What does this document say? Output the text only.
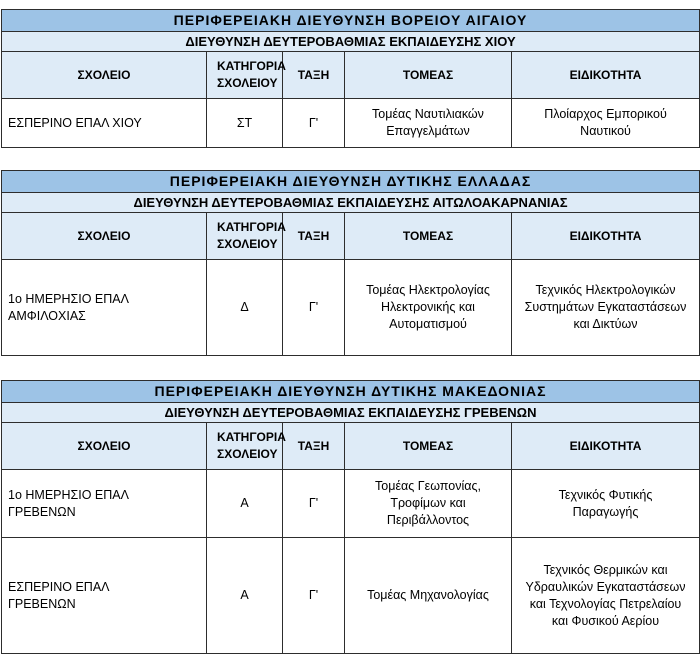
ΠΕΡΙΦΕΡΕΙΑΚΗ ΔΙΕΥΘΥΝΣΗ ΒΟΡΕΙΟΥ ΑΙΓΑΙΟΥ				
ΔΙΕΥΘΥΝΣΗ ΔΕΥΤΕΡΟΒΑΘΜΙΑΣ ΕΚΠΑΙΔΕΥΣΗΣ ΧΙΟΥ				
ΣΧΟΛΕΙΟ	ΚΑΤΗΓΟΡΙΑ ΣΧΟΛΕΙΟΥ	ΤΑΞΗ	ΤΟΜΕΑΣ	ΕΙΔΙΚΟΤΗΤΑ
ΕΣΠΕΡΙΝΟ ΕΠΑΛ ΧΙΟΥ	ΣΤ	Γ'	Τομέας Ναυτιλιακών Επαγγελμάτων	Πλοίαρχος Εμπορικού Ναυτικού
ΠΕΡΙΦΕΡΕΙΑΚΗ ΔΙΕΥΘΥΝΣΗ ΔΥΤΙΚΗΣ ΕΛΛΑΔΑΣ				
ΔΙΕΥΘΥΝΣΗ ΔΕΥΤΕΡΟΒΑΘΜΙΑΣ ΕΚΠΑΙΔΕΥΣΗΣ ΑΙΤΩΛΟΑΚΑΡΝΑΝΙΑΣ				
ΣΧΟΛΕΙΟ	ΚΑΤΗΓΟΡΙΑ ΣΧΟΛΕΙΟΥ	ΤΑΞΗ	ΤΟΜΕΑΣ	ΕΙΔΙΚΟΤΗΤΑ
1ο ΗΜΕΡΗΣΙΟ ΕΠΑΛ ΑΜΦΙΛΟΧΙΑΣ	Δ	Γ'	Τομέας Ηλεκτρολογίας Ηλεκτρονικής και Αυτοματισμού	Τεχνικός Ηλεκτρολογικών Συστημάτων Εγκαταστάσεων και Δικτύων
ΠΕΡΙΦΕΡΕΙΑΚΗ ΔΙΕΥΘΥΝΣΗ ΔΥΤΙΚΗΣ ΜΑΚΕΔΟΝΙΑΣ				
ΔΙΕΥΘΥΝΣΗ ΔΕΥΤΕΡΟΒΑΘΜΙΑΣ ΕΚΠΑΙΔΕΥΣΗΣ ΓΡΕΒΕΝΩΝ				
ΣΧΟΛΕΙΟ	ΚΑΤΗΓΟΡΙΑ ΣΧΟΛΕΙΟΥ	ΤΑΞΗ	ΤΟΜΕΑΣ	ΕΙΔΙΚΟΤΗΤΑ
1ο ΗΜΕΡΗΣΙΟ ΕΠΑΛ ΓΡΕΒΕΝΩΝ	Α	Γ'	Τομέας Γεωπονίας, Τροφίμων και Περιβάλλοντος	Τεχνικός Φυτικής Παραγωγής
ΕΣΠΕΡΙΝΟ ΕΠΑΛ ΓΡΕΒΕΝΩΝ	Α	Γ'	Τομέας Μηχανολογίας	Τεχνικός Θερμικών και Υδραυλικών Εγκαταστάσεων και Τεχνολογίας Πετρελαίου και Φυσικού Αερίου
